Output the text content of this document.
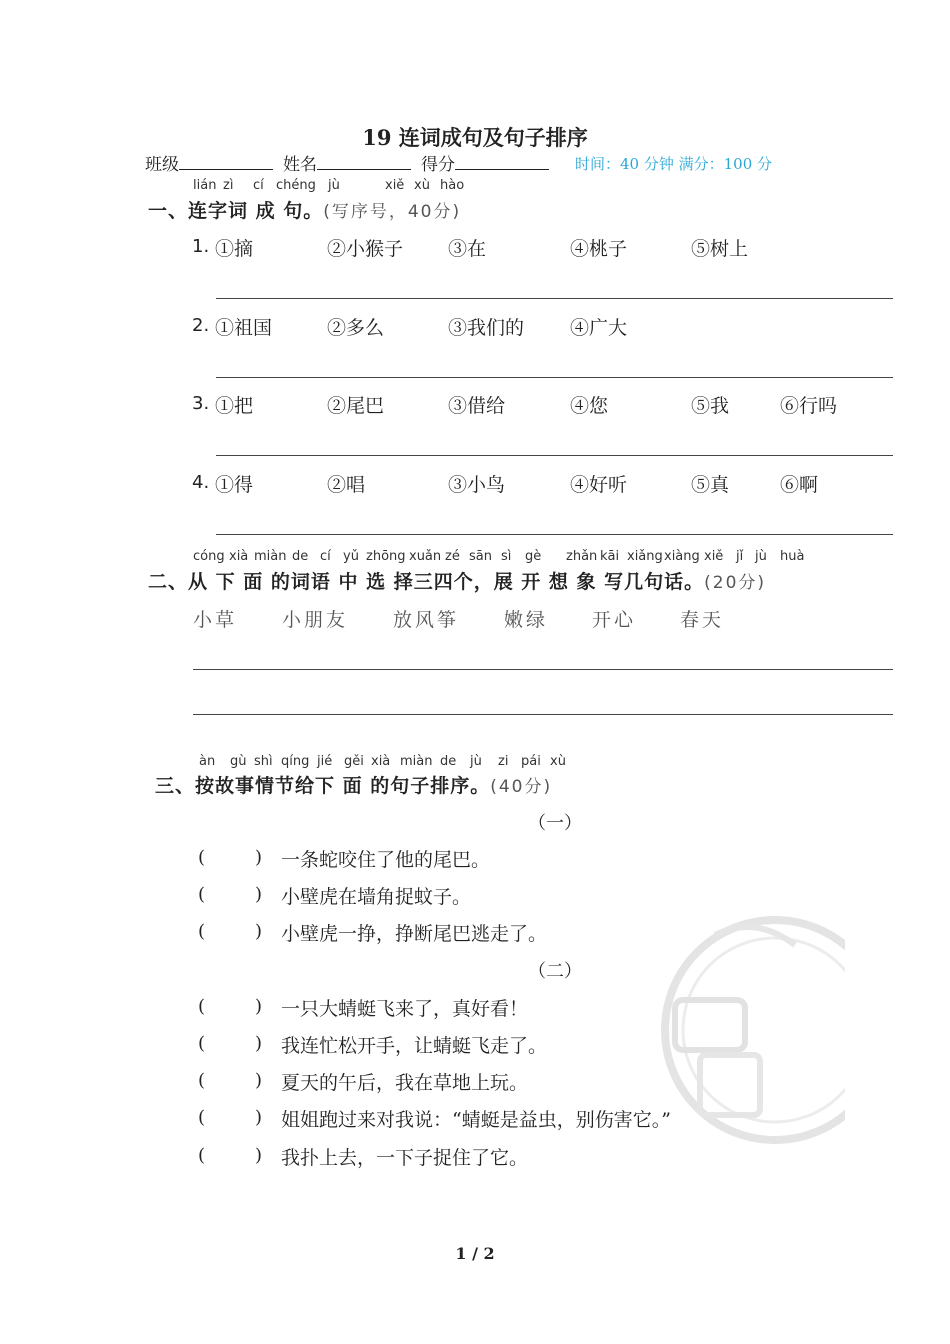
19 连词成句及句子排序
班级	姓名	得分	时间：40 分钟 满分：100 分
lián zì cí chéng jù	xiě xù hào
一、连字词 成 句。(写序号，40分)
1. ①摘	②小猴子 ③在	④桃子	⑤树上
2. ①祖国	②多么	③我们的 ④广大
3. ①把	②尾巴	③借给	④您	⑤我	⑥行吗
4. ①得	②唱	③小鸟	④好听	⑤真	⑥啊
cóng xià miàn de cí yǔ zhōng xuǎn zé sān sì gè zhǎn kāi xiǎng xiàng xiě jǐ jù huà
二、从 下 面 的词语 中 选 择三四个，展 开 想 象 写几句话。(20分)
小草 小朋友 放风筝 嫩绿 开心 春天
àn gù shì qíng jié gěi xià miàn de jù zi pái xù
三、按故事情节给下 面 的句子排序。(40分)
（一）
(	) 一条蛇咬住了他的尾巴。
(	) 小壁虎在墙角捉蚊子。
(	) 小壁虎一挣，挣断尾巴逃走了。
（二）
(	) 一只大蜻蜓飞来了，真好看！
(	) 我连忙松开手，让蜻蜓飞走了。
(	) 夏天的午后，我在草地上玩。
(	) 姐姐跑过来对我说：“蜻蜓是益虫，别伤害它。”
(	) 我扑上去，一下子捉住了它。
1 / 2
